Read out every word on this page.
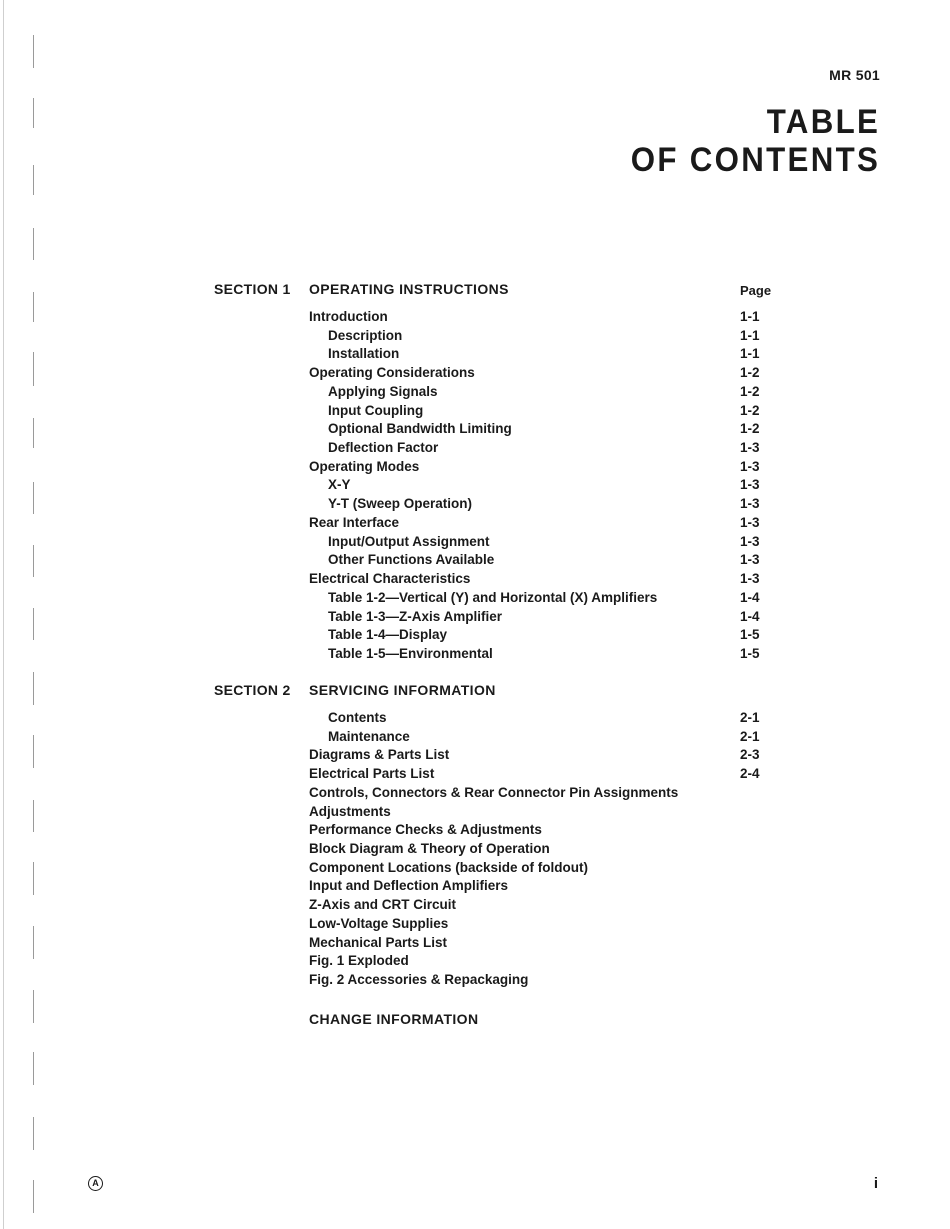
MR 501
TABLE
OF CONTENTS
SECTION 1 OPERATING INSTRUCTIONS	Page
Introduction	1-1
Description	1-1
Installation	1-1
Operating Considerations	1-2
Applying Signals	1-2
Input Coupling	1-2
Optional Bandwidth Limiting	1-2
Deflection Factor	1-3
Operating Modes	1-3
X-Y	1-3
Y-T (Sweep Operation)	1-3
Rear Interface	1-3
Input/Output Assignment	1-3
Other Functions Available	1-3
Electrical Characteristics	1-3
Table 1-2—Vertical (Y) and Horizontal (X) Amplifiers	1-4
Table 1-3—Z-Axis Amplifier	1-4
Table 1-4—Display	1-5
Table 1-5—Environmental	1-5
SECTION 2 SERVICING INFORMATION
Contents	2-1
Maintenance	2-1
Diagrams & Parts List	2-3
Electrical Parts List	2-4
Controls, Connectors & Rear Connector Pin Assignments
Adjustments
Performance Checks & Adjustments
Block Diagram & Theory of Operation
Component Locations (backside of foldout)
Input and Deflection Amplifiers
Z-Axis and CRT Circuit
Low-Voltage Supplies
Mechanical Parts List
Fig. 1 Exploded
Fig. 2 Accessories & Repackaging
CHANGE INFORMATION
A	i
